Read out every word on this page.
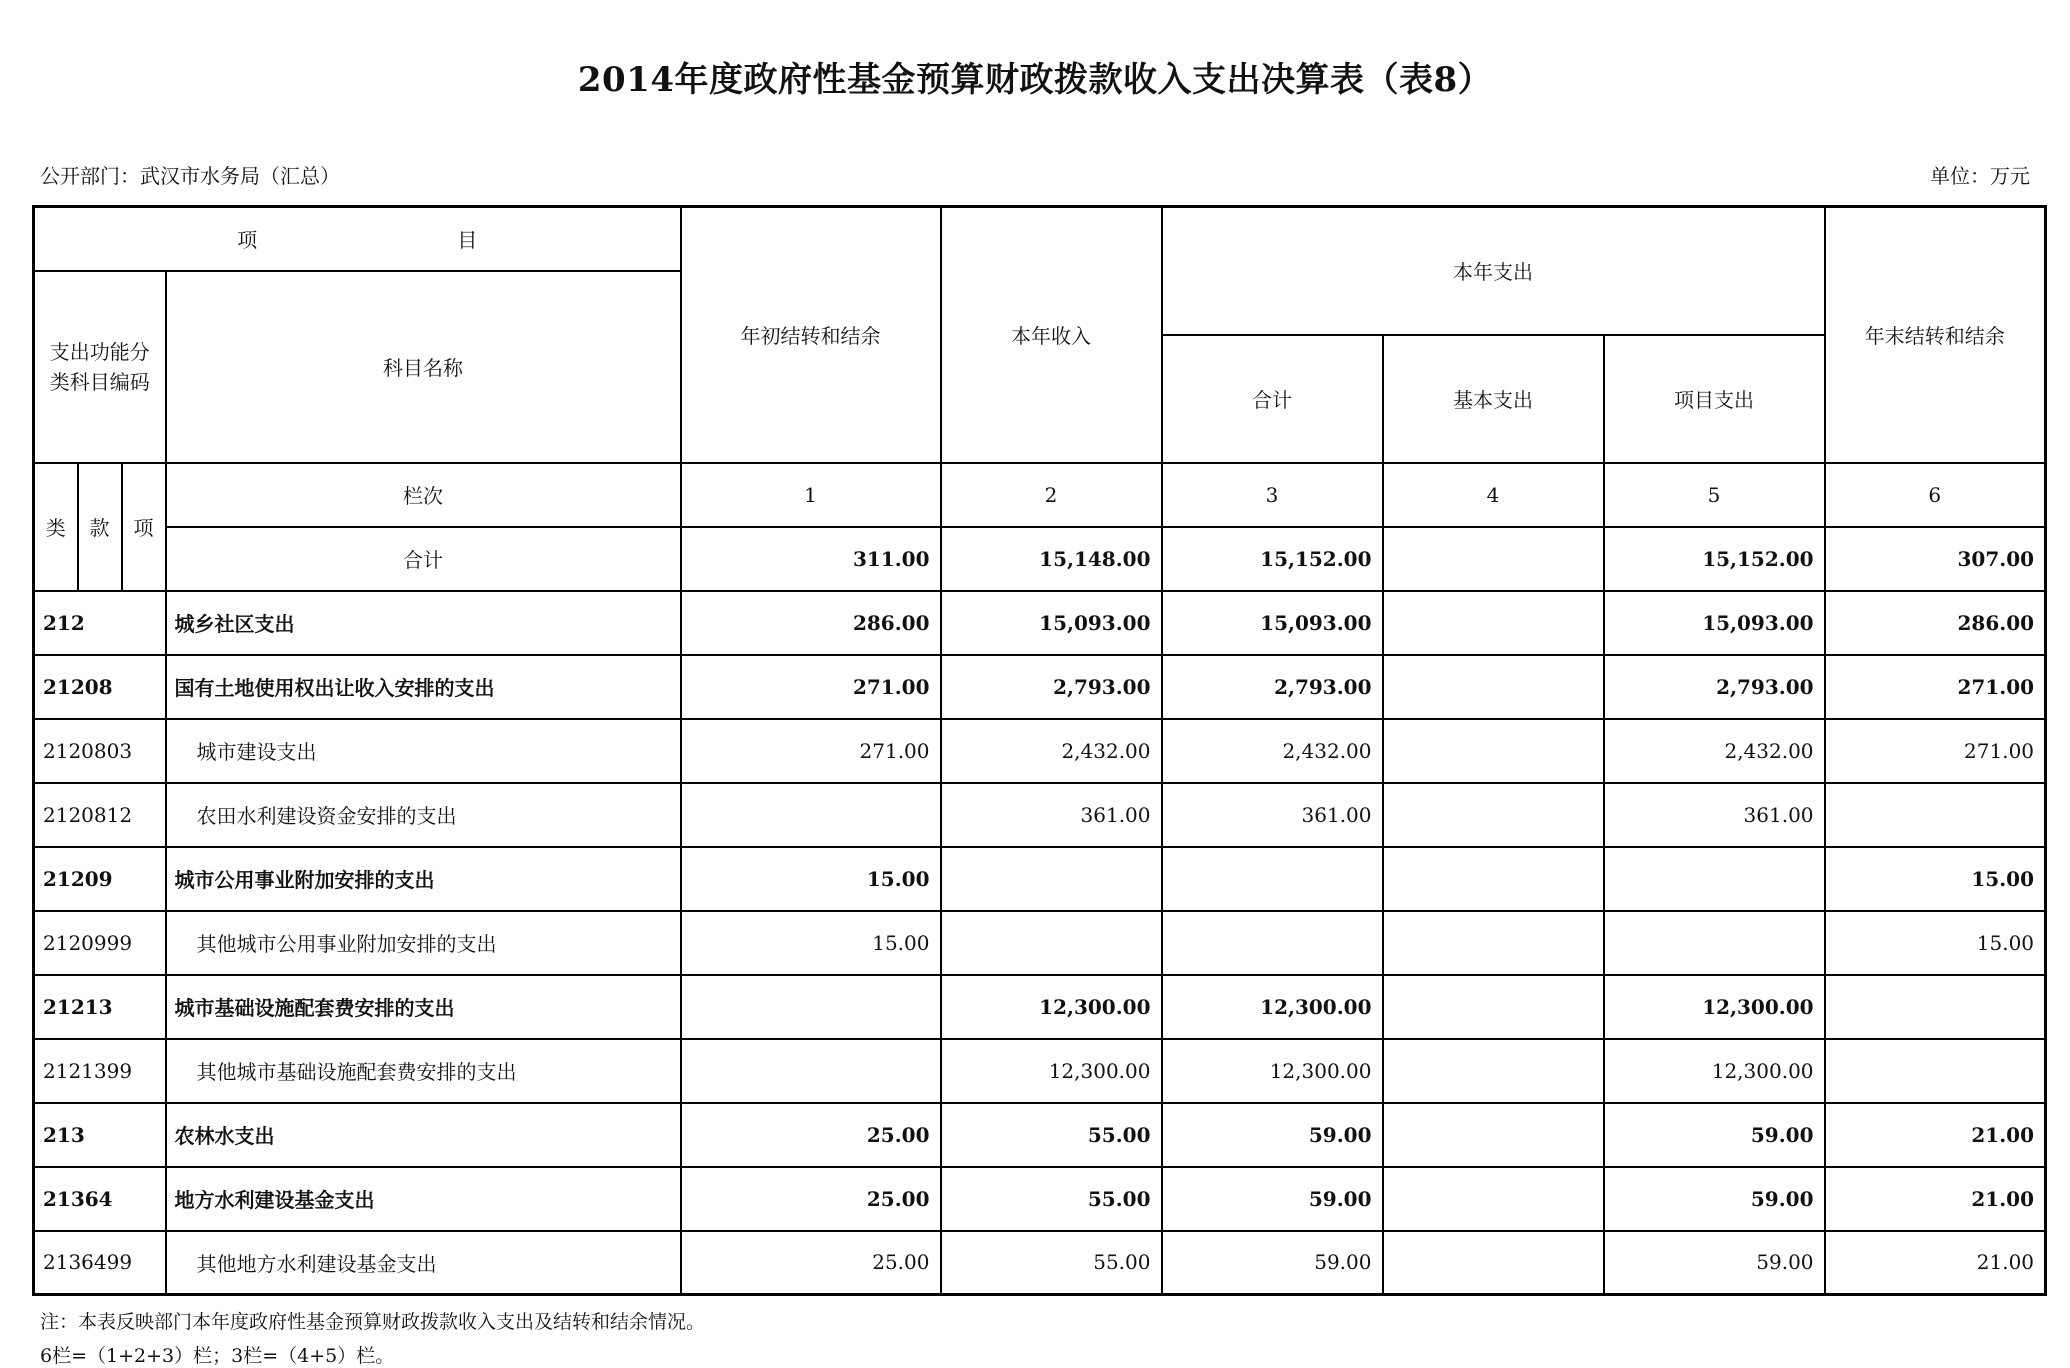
2014年度政府性基金预算财政拨款收入支出决算表（表8）
公开部门：武汉市水务局（汇总）	单位：万元
项 目				年初结转和结余	本年收入	本年支出			年末结转和结余
支出功能分类科目编码			科目名称						
						合计	基本支出	项目支出	
类	款	项	栏次	1	2	3	4	5	6
			合计	311.00	15,148.00	15,152.00		15,152.00	307.00
212			城乡社区支出	286.00	15,093.00	15,093.00		15,093.00	286.00
21208			国有土地使用权出让收入安排的支出	271.00	2,793.00	2,793.00		2,793.00	271.00
2120803			城市建设支出	271.00	2,432.00	2,432.00		2,432.00	271.00
2120812			农田水利建设资金安排的支出		361.00	361.00		361.00	
21209			城市公用事业附加安排的支出	15.00					15.00
2120999			其他城市公用事业附加安排的支出	15.00					15.00
21213			城市基础设施配套费安排的支出		12,300.00	12,300.00		12,300.00	
2121399			其他城市基础设施配套费安排的支出		12,300.00	12,300.00		12,300.00	
213			农林水支出	25.00	55.00	59.00		59.00	21.00
21364			地方水利建设基金支出	25.00	55.00	59.00		59.00	21.00
2136499			其他地方水利建设基金支出	25.00	55.00	59.00		59.00	21.00
注：本表反映部门本年度政府性基金预算财政拨款收入支出及结转和结余情况。
6栏=（1+2+3）栏；3栏=（4+5）栏。
